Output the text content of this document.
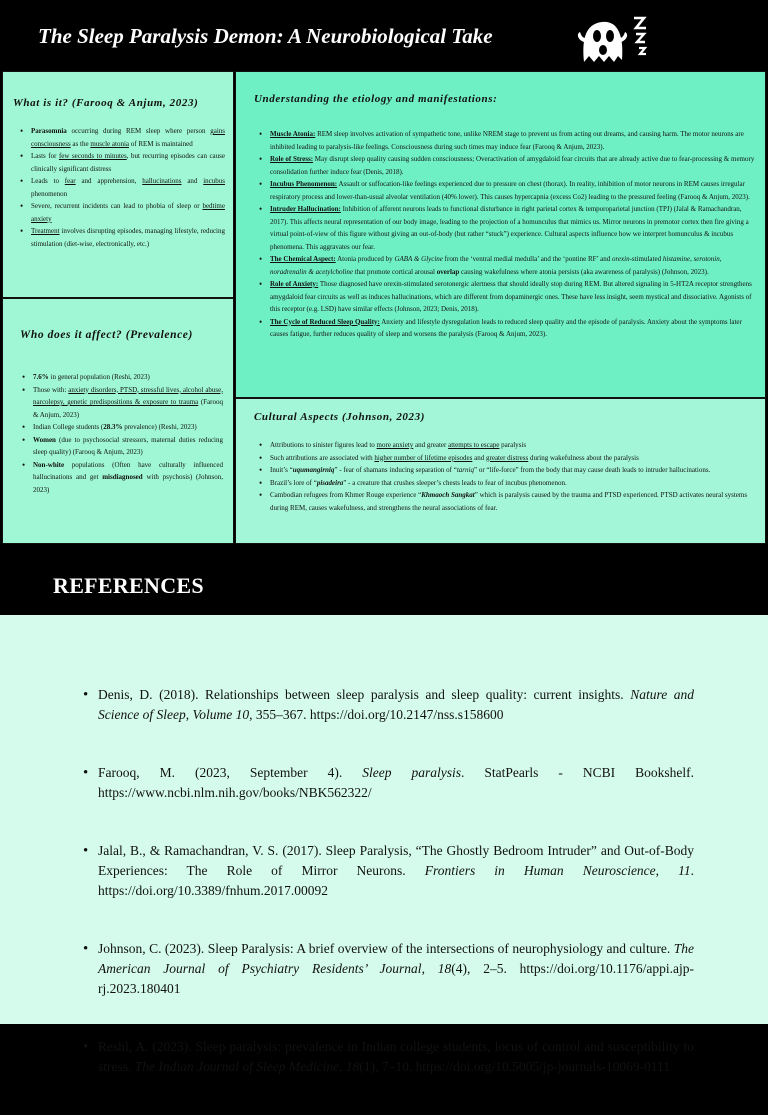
The Sleep Paralysis Demon: A Neurobiological Take
What is it? (Farooq & Anjum, 2023)
• Parasomnia occurring during REM sleep where person gains consciousness as the muscle atonia of REM is maintained
• Lasts for few seconds to minutes, but recurring episodes can cause clinically significant distress
• Leads to fear and apprehension, hallucinations and incubus phenomenon
• Severe, recurrent incidents can lead to phobia of sleep or bedtime anxiety
• Treatment involves disrupting episodes, managing lifestyle, reducing stimulation (diet-wise, electronically, etc.)
Who does it affect? (Prevalence)
• 7.6% in general population (Reshi, 2023)
• Those with: anxiety disorders, PTSD, stressful lives, alcohol abuse, narcolepsy, genetic predispositions & exposure to trauma (Farooq & Anjum, 2023)
• Indian College students (28.3% prevalence) (Reshi, 2023)
• Women (due to psychosocial stressors, maternal duties reducing sleep quality) (Farooq & Anjum, 2023)
• Non-white populations (Often have culturally influenced hallucinations and get misdiagnosed with psychosis) (Johnson, 2023)
Understanding the etiology and manifestations:
• Muscle Atonia: REM sleep involves activation of sympathetic tone, unlike NREM stage to prevent us from acting out dreams, and causing harm. The motor neurons are inhibited leading to paralysis-like feelings. Consciousness during such times may induce fear (Farooq & Anjum, 2023).
• Role of Stress: May disrupt sleep quality causing sudden consciousness; Overactivation of amygdaloid fear circuits that are already active due to fear-processing & memory consolidation further induce fear (Denis, 2018).
• Incubus Phenomenon: Assault or suffocation-like feelings experienced due to pressure on chest (thorax). In reality, inhibition of motor neurons in REM causes irregular respiratory process and lower-than-usual alveolar ventilation (40% lower). This causes hypercapnia (excess Co2) leading to the pressured feeling (Farooq & Anjum, 2023).
• Intruder Hallucination: Inhibition of afferent neurons leads to functional disturbance in right parietal cortex & temporoparietal junction (TPJ) (Jalal & Ramachandran, 2017). This affects neural representation of our body image, leading to the projection of a homunculus that mimics us. Mirror neurons in premotor cortex then fire giving a virtual point-of-view of this figure without giving an out-of-body (but rather “stuck”) experience. Cultural aspects influence how we interpret homunculus & incubus phenomena. This aggravates our fear.
• The Chemical Aspect: Atonia produced by GABA & Glycine from the ‘ventral medial medulla’ and the ‘pontine RF’ and orexin-stimulated histamine, serotonin, noradrenalin & acetylcholine that promote cortical arousal overlap causing wakefulness where atonia persists (aka awareness of paralysis) (Johnson, 2023).
• Role of Anxiety: Those diagnosed have orexin-stimulated serotonergic alertness that should ideally stop during REM. But altered signaling in 5-HT2A receptor strengthens amygdaloid fear circuits as well as induces hallucinations, which are different from dopaminergic ones. These have less insight, seem mystical and dissociative. Agonists of this receptor (e.g. LSD) have similar effects (Johnson, 2023; Denis, 2018).
• The Cycle of Reduced Sleep Quality: Anxiety and lifestyle dysregulation leads to reduced sleep quality and the episode of paralysis. Anxiety about the symptoms later causes fatigue, further reduces quality of sleep and worsens the paralysis (Farooq & Anjum, 2023).
Cultural Aspects (Johnson, 2023)
• Attributions to sinister figures lead to more anxiety and greater attempts to escape paralysis
• Such attributions are associated with higher number of lifetime episodes and greater distress during wakefulness about the paralysis
• Inuit’s “uqumangirniq” - fear of shamans inducing separation of “tarniq” or “life-force” from the body that may cause death leads to intruder hallucinations.
• Brazil’s lore of “pisadeira” - a creature that crushes sleeper’s chests leads to fear of incubus phenomenon.
• Cambodian refugees from Khmer Rouge experience “Khmaoch Sangkat” which is paralysis caused by the trauma and PTSD experienced. PTSD activates neural systems during REM, causes wakefulness, and strengthens the neural associations of fear.
REFERENCES
• Denis, D. (2018). Relationships between sleep paralysis and sleep quality: current insights. Nature and Science of Sleep, Volume 10, 355–367. https://doi.org/10.2147/nss.s158600
• Farooq, M. (2023, September 4). Sleep paralysis. StatPearls - NCBI Bookshelf. https://www.ncbi.nlm.nih.gov/books/NBK562322/
• Jalal, B., & Ramachandran, V. S. (2017). Sleep Paralysis, “The Ghostly Bedroom Intruder” and Out-of-Body Experiences: The Role of Mirror Neurons. Frontiers in Human Neuroscience, 11. https://doi.org/10.3389/fnhum.2017.00092
• Johnson, C. (2023). Sleep Paralysis: A brief overview of the intersections of neurophysiology and culture. The American Journal of Psychiatry Residents’ Journal, 18(4), 2–5. https://doi.org/10.1176/appi.ajp-rj.2023.180401
• Reshi, A. (2023). Sleep paralysis: prevalence in Indian college students, locus of control and susceptibility to stress. The Indian Journal of Sleep Medicine, 18(1), 7–10. https://doi.org/10.5005/jp-journals-10069-0111
